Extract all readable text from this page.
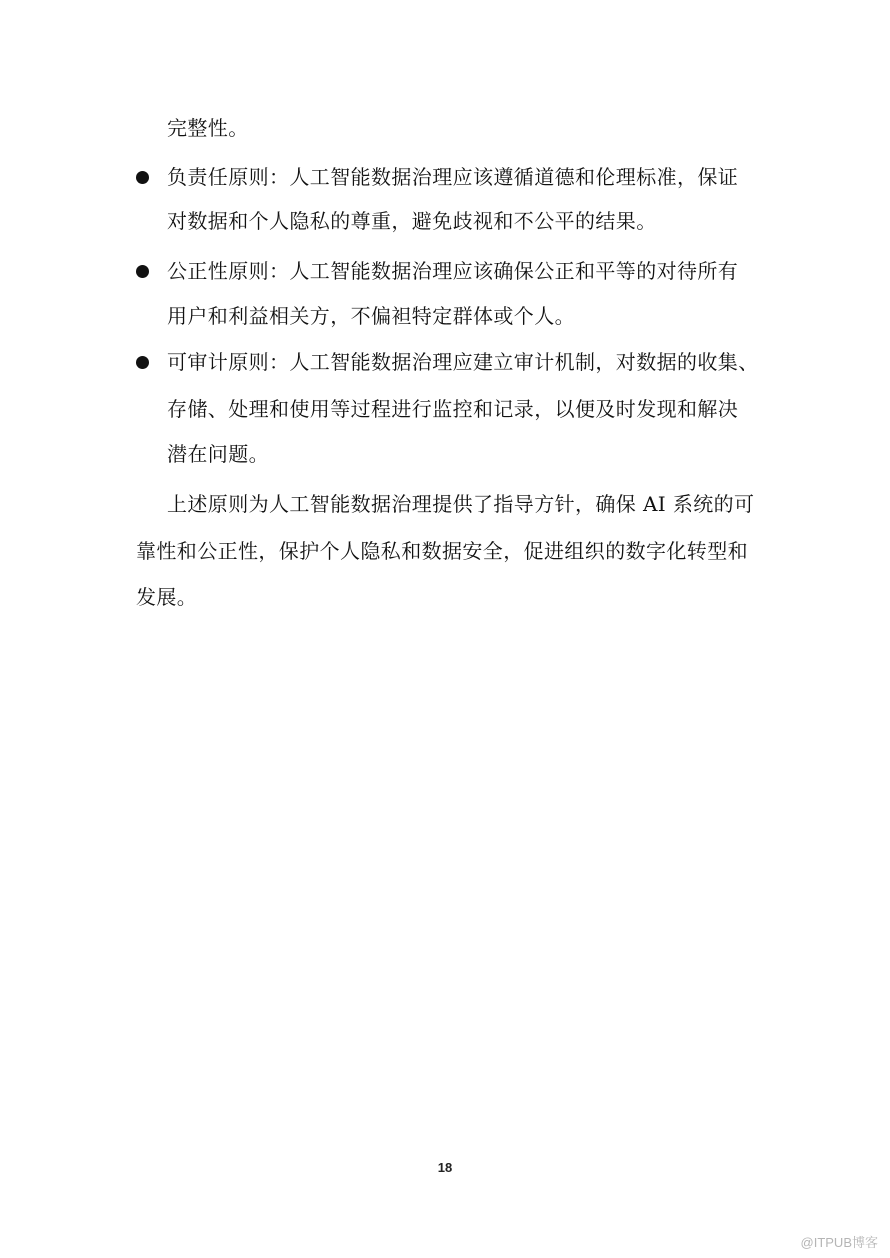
完整性。
负责任原则：人工智能数据治理应该遵循道德和伦理标准，保证
对数据和个人隐私的尊重，避免歧视和不公平的结果。
公正性原则：人工智能数据治理应该确保公正和平等的对待所有
用户和利益相关方，不偏袒特定群体或个人。
可审计原则：人工智能数据治理应建立审计机制，对数据的收集、
存储、处理和使用等过程进行监控和记录，以便及时发现和解决
潜在问题。
上述原则为人工智能数据治理提供了指导方针，确保 AI 系统的可
靠性和公正性，保护个人隐私和数据安全，促进组织的数字化转型和
发展。
18
@ITPUB博客
